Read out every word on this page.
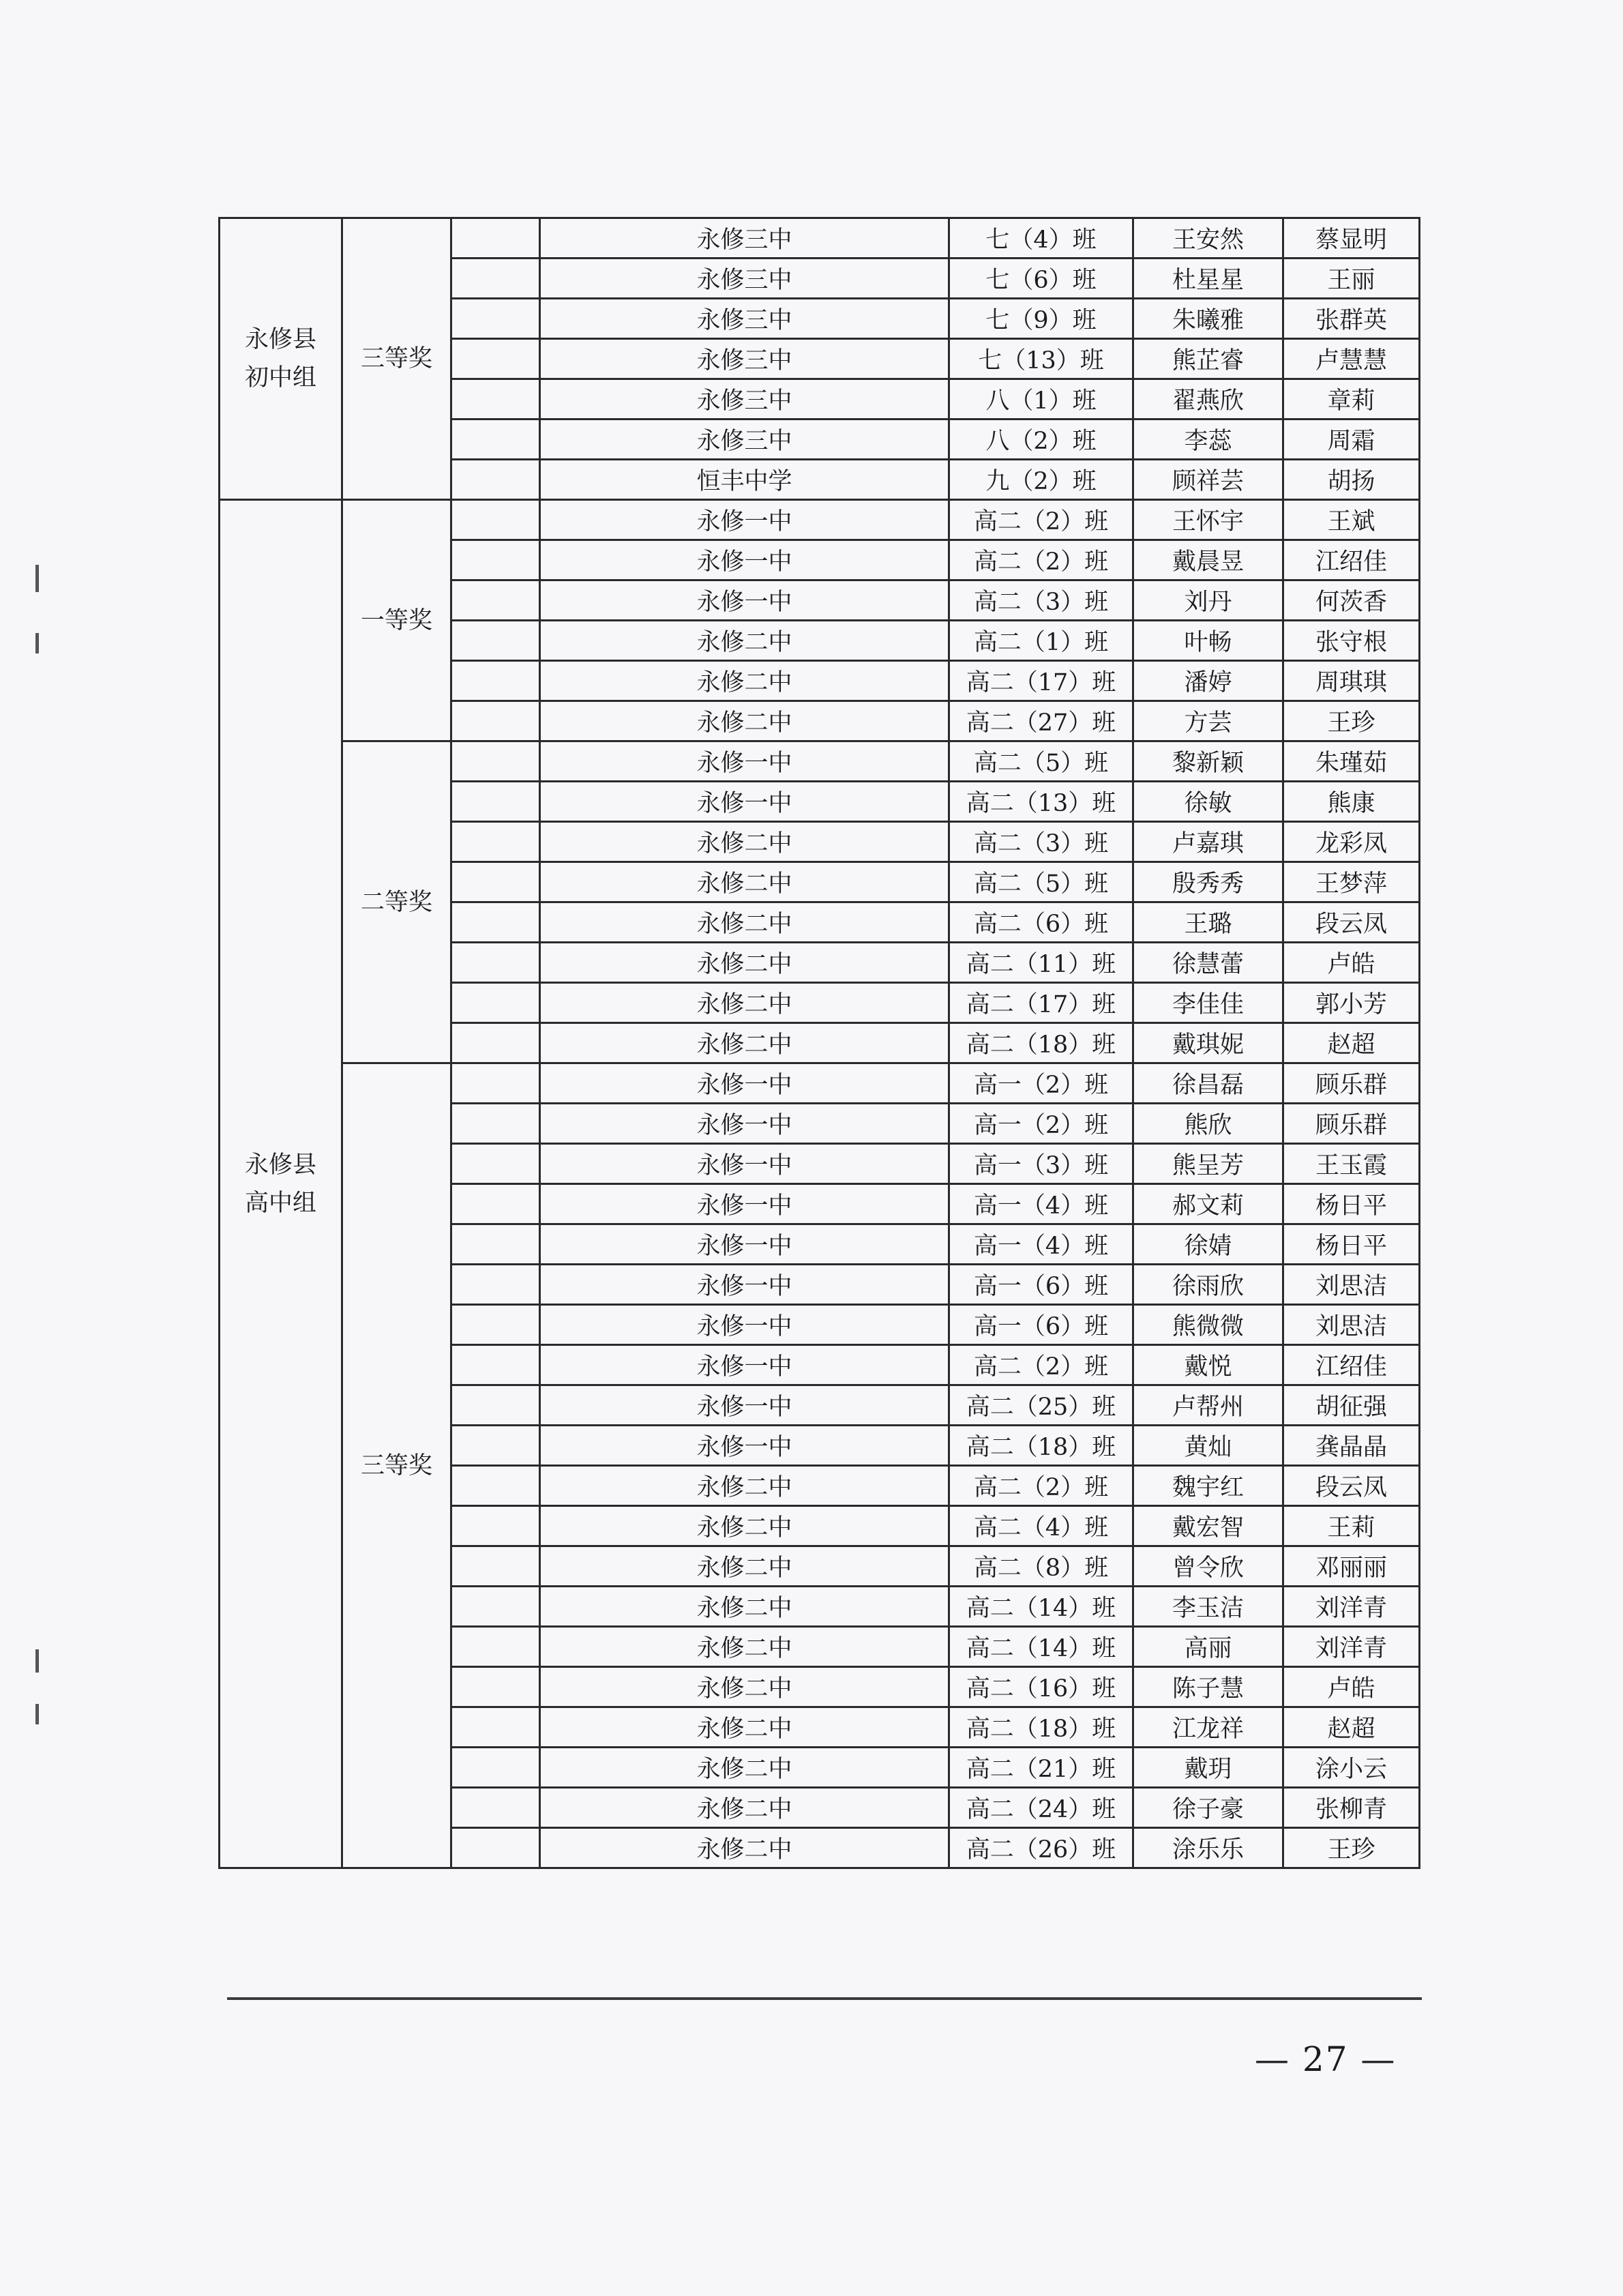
永修县
初中组	三等奖		永修三中	七（4）班	王安然	蔡显明
			永修三中	七（6）班	杜星星	王丽
			永修三中	七（9）班	朱曦雅	张群英
			永修三中	七（13）班	熊芷睿	卢慧慧
			永修三中	八（1）班	翟燕欣	章莉
			永修三中	八（2）班	李蕊	周霜
			恒丰中学	九（2）班	顾祥芸	胡扬
永修县
高中组	一等奖		永修一中	高二（2）班	王怀宇	王斌
			永修一中	高二（2）班	戴晨昱	江绍佳
			永修一中	高二（3）班	刘丹	何茨香
			永修二中	高二（1）班	叶畅	张守根
			永修二中	高二（17）班	潘婷	周琪琪
			永修二中	高二（27）班	方芸	王珍
	二等奖		永修一中	高二（5）班	黎新颖	朱瑾茹
			永修一中	高二（13）班	徐敏	熊康
			永修二中	高二（3）班	卢嘉琪	龙彩凤
			永修二中	高二（5）班	殷秀秀	王梦萍
			永修二中	高二（6）班	王璐	段云凤
			永修二中	高二（11）班	徐慧蕾	卢皓
			永修二中	高二（17）班	李佳佳	郭小芳
			永修二中	高二（18）班	戴琪妮	赵超
	三等奖		永修一中	高一（2）班	徐昌磊	顾乐群
			永修一中	高一（2）班	熊欣	顾乐群
			永修一中	高一（3）班	熊呈芳	王玉霞
			永修一中	高一（4）班	郝文莉	杨日平
			永修一中	高一（4）班	徐婧	杨日平
			永修一中	高一（6）班	徐雨欣	刘思洁
			永修一中	高一（6）班	熊微微	刘思洁
			永修一中	高二（2）班	戴悦	江绍佳
			永修一中	高二（25）班	卢帮州	胡征强
			永修一中	高二（18）班	黄灿	龚晶晶
			永修二中	高二（2）班	魏宇红	段云凤
			永修二中	高二（4）班	戴宏智	王莉
			永修二中	高二（8）班	曾令欣	邓丽丽
			永修二中	高二（14）班	李玉洁	刘洋青
			永修二中	高二（14）班	高丽	刘洋青
			永修二中	高二（16）班	陈子慧	卢皓
			永修二中	高二（18）班	江龙祥	赵超
			永修二中	高二（21）班	戴玥	涂小云
			永修二中	高二（24）班	徐子豪	张柳青
			永修二中	高二（26）班	涂乐乐	王珍
— 27 —
